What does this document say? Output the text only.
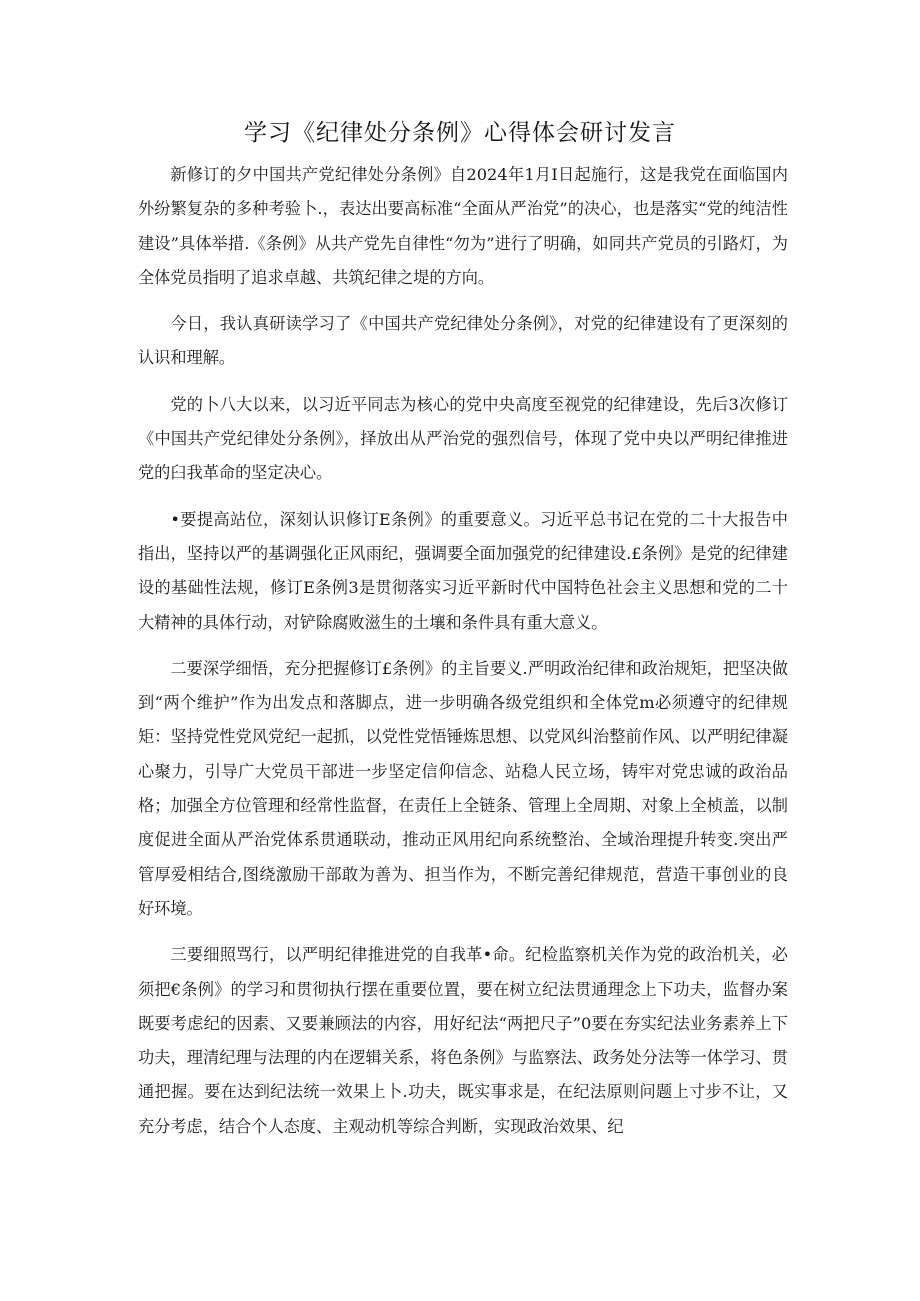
学习《纪律处分条例》心得体会研讨发言

新修订的夕中国共产党纪律处分条例》自2024年1月I日起施行，这是我党在面临国内外纷繁复杂的多种考验卜.，表达出要高标准“全面从严治党”的决心，也是落实“党的纯洁性建设”具体举措.《条例》从共产党先自律性“勿为”进行了明确，如同共产党员的引路灯，为全体党员指明了追求卓越、共筑纪律之堤的方向。

今日，我认真研读学习了《中国共产党纪律处分条例》，对党的纪律建设有了更深刻的认识和理解。

党的卜八大以来，以习近平同志为核心的党中央高度至视党的纪律建设，先后3次修订《中国共产党纪律处分条例》，择放出从严治党的强烈信号，体现了党中央以严明纪律推进党的臼我革命的坚定决心。

•要提高站位，深刻认识修订E条例》的重要意义。习近平总书记在党的二十大报告中指出，坚持以严的基调强化正风雨纪，强调要全面加强党的纪律建设.£条例》是党的纪律建设的基础性法规，修订E条例3是贯彻落实习近平新时代中国特色社会主义思想和党的二十大精神的具体行动，对铲除腐败滋生的土壤和条件具有重大意义。

二要深学细悟，充分把握修订£条例》的主旨要义.严明政治纪律和政治规矩，把坚决做到“两个维护”作为出发点和落脚点，进一步明确各级党组织和全体党m必须遵守的纪律规矩：坚持党性党风党纪一起抓，以党性党悟锤炼思想、以党风纠治整前作风、以严明纪律凝心聚力，引导广大党员干部进一步坚定信仰信念、站稳人民立场，铸牢对党忠诚的政治品格；加强全方位管理和经常性监督，在责任上全链条、管理上全周期、对象上全桢盖，以制度促进全面从严治党体系贯通联动，推动正风用纪向系统整治、全域治理提升转变.突出严管厚爱相结合,图绕激励干部敢为善为、担当作为，不断完善纪律规范，营造干事创业的良好环境。

三要细照骂行，以严明纪律推进党的自我革•命。纪检监察机关作为党的政治机关，必须把€条例》的学习和贯彻执行摆在重要位置，要在树立纪法贯通理念上下功夫，监督办案既要考虑纪的因素、又要兼顾法的内容，用好纪法“两把尺子”0要在夯实纪法业务素养上下功夫，理清纪理与法理的内在逻辑关系，将色条例》与监察法、政务处分法等一体学习、贯通把握。要在达到纪法统一效果上卜.功夫，既实事求是，在纪法原则问题上寸步不让，又充分考虑，结合个人态度、主观动机等综合判断，实现政治效果、纪
